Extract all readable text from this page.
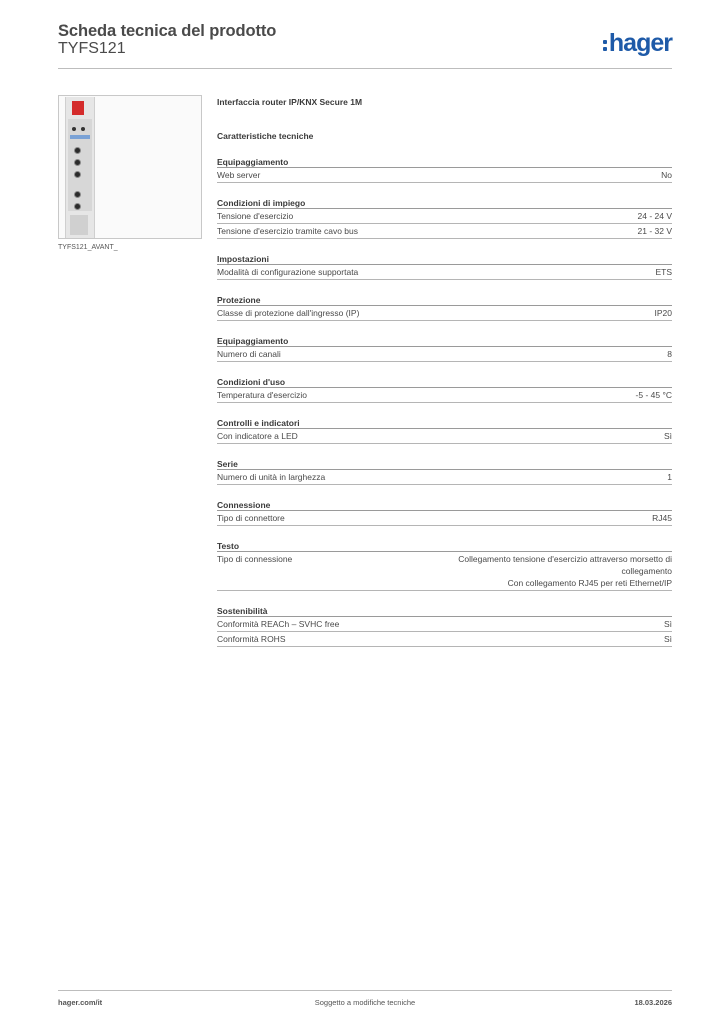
Scheda tecnica del prodotto
TYFS121	hager
TYFS121_AVANT_
Interfaccia router IP/KNX Secure 1M
Caratteristiche tecniche
Equipaggiamento
Web server	No
Condizioni di impiego
Tensione d'esercizio	24 - 24 V
Tensione d'esercizio tramite cavo bus	21 - 32 V
Impostazioni
Modalità di configurazione supportata	ETS
Protezione
Classe di protezione dall'ingresso (IP)	IP20
Equipaggiamento
Numero di canali	8
Condizioni d'uso
Temperatura d'esercizio	-5 - 45 °C
Controlli e indicatori
Con indicatore a LED	Sì
Serie
Numero di unità in larghezza	1
Connessione
Tipo di connettore	RJ45
Testo
Tipo di connessione	Collegamento tensione d'esercizio attraverso morsetto di collegamento
Con collegamento RJ45 per reti Ethernet/IP
Sostenibilità
Conformità REACh – SVHC free	Sì
Conformità ROHS	Sì
hager.com/it	Soggetto a modifiche tecniche	18.03.2026
